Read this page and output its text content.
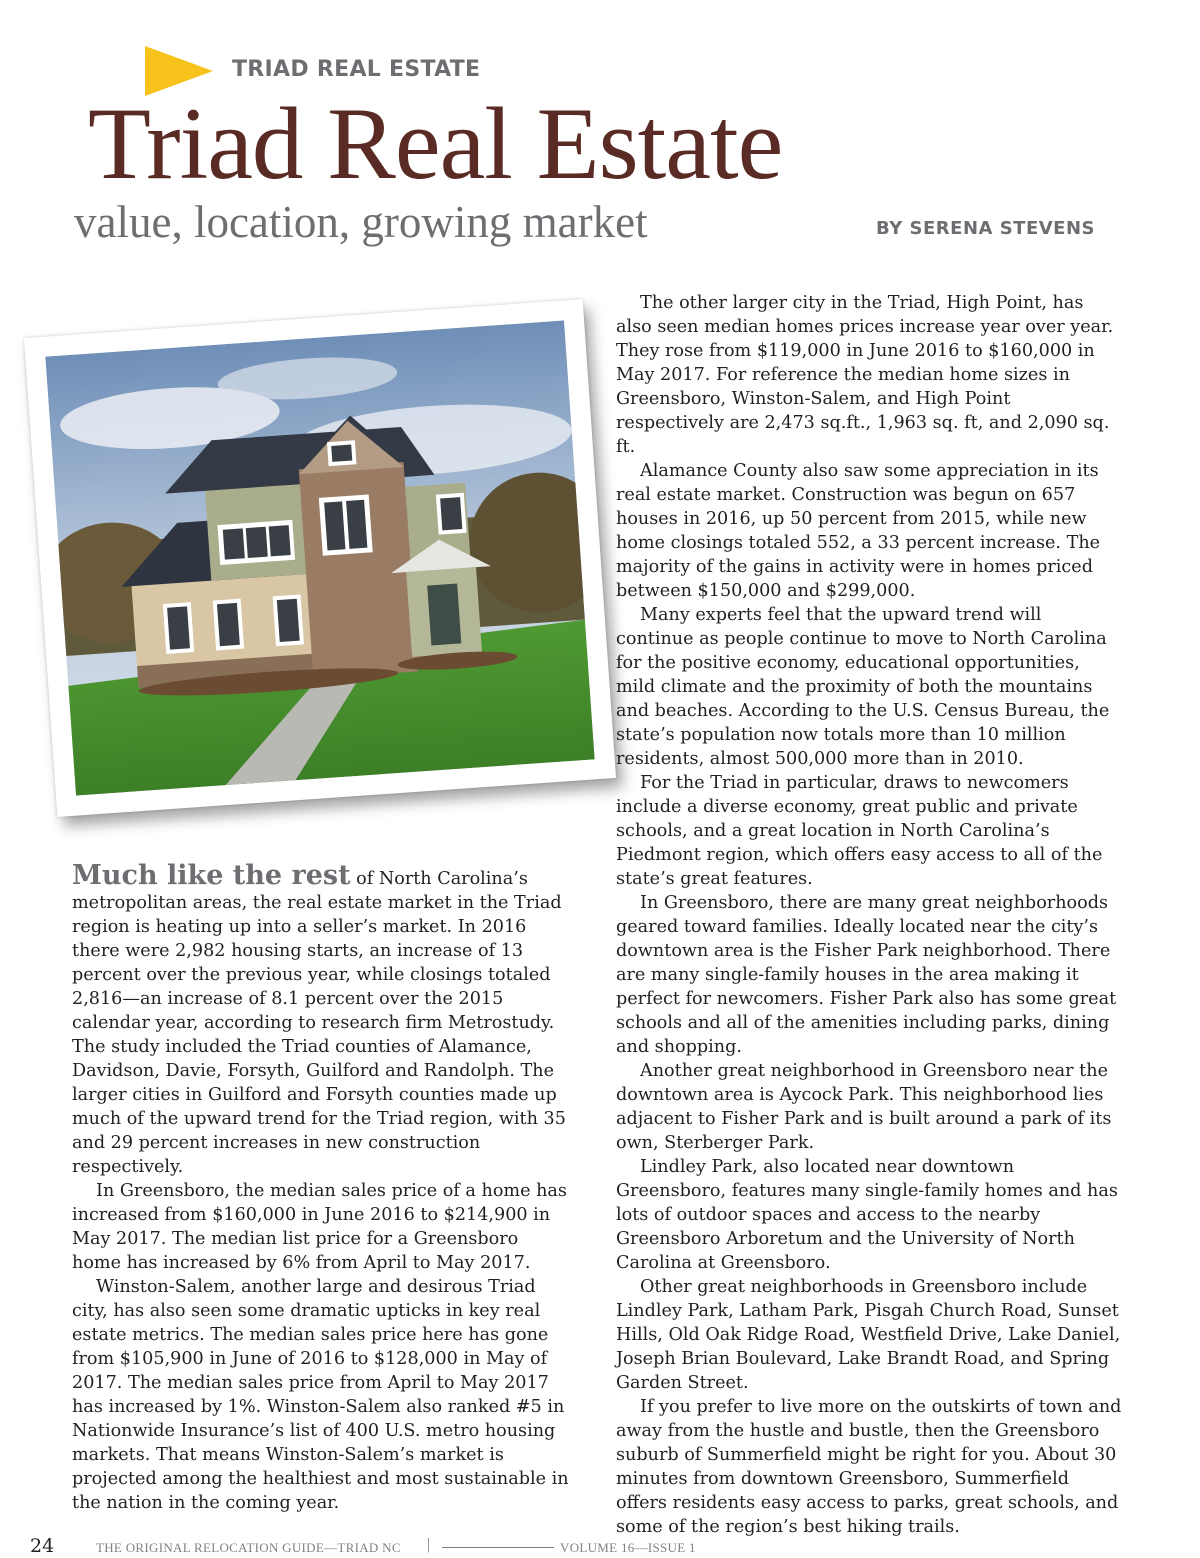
TRIAD REAL ESTATE
Triad Real Estate
value, location, growing market	BY SERENA STEVENS

Much like the rest of North Carolina’s metropolitan areas, the real estate market in the Triad region is heating up into a seller’s market. In 2016 there were 2,982 housing starts, an increase of 13 percent over the previous year, while closings totaled 2,816—an increase of 8.1 percent over the 2015 calendar year, according to research firm Metrostudy. The study included the Triad counties of Alamance, Davidson, Davie, Forsyth, Guilford and Randolph. The larger cities in Guilford and Forsyth counties made up much of the upward trend for the Triad region, with 35 and 29 percent increases in new construction respectively.

In Greensboro, the median sales price of a home has increased from $160,000 in June 2016 to $214,900 in May 2017. The median list price for a Greensboro home has increased by 6% from April to May 2017.

Winston-Salem, another large and desirous Triad city, has also seen some dramatic upticks in key real estate metrics. The median sales price here has gone from $105,900 in June of 2016 to $128,000 in May of 2017. The median sales price from April to May 2017 has increased by 1%. Winston-Salem also ranked #5 in Nationwide Insurance’s list of 400 U.S. metro housing markets. That means Winston-Salem’s market is projected among the healthiest and most sustainable in the nation in the coming year.

The other larger city in the Triad, High Point, has also seen median homes prices increase year over year. They rose from $119,000 in June 2016 to $160,000 in May 2017. For reference the median home sizes in Greensboro, Winston-Salem, and High Point respectively are 2,473 sq.ft., 1,963 sq. ft, and 2,090 sq. ft.

Alamance County also saw some appreciation in its real estate market. Construction was begun on 657 houses in 2016, up 50 percent from 2015, while new home closings totaled 552, a 33 percent increase. The majority of the gains in activity were in homes priced between $150,000 and $299,000.

Many experts feel that the upward trend will continue as people continue to move to North Carolina for the positive economy, educational opportunities, mild climate and the proximity of both the mountains and beaches. According to the U.S. Census Bureau, the state’s population now totals more than 10 million residents, almost 500,000 more than in 2010.

For the Triad in particular, draws to newcomers include a diverse economy, great public and private schools, and a great location in North Carolina’s Piedmont region, which offers easy access to all of the state’s great features.

In Greensboro, there are many great neighborhoods geared toward families. Ideally located near the city’s downtown area is the Fisher Park neighborhood. There are many single-family houses in the area making it perfect for newcomers. Fisher Park also has some great schools and all of the amenities including parks, dining and shopping.

Another great neighborhood in Greensboro near the downtown area is Aycock Park. This neighborhood lies adjacent to Fisher Park and is built around a park of its own, Sterberger Park.

Lindley Park, also located near downtown Greensboro, features many single-family homes and has lots of outdoor spaces and access to the nearby Greensboro Arboretum and the University of North Carolina at Greensboro.

Other great neighborhoods in Greensboro include Lindley Park, Latham Park, Pisgah Church Road, Sunset Hills, Old Oak Ridge Road, Westfield Drive, Lake Daniel, Joseph Brian Boulevard, Lake Brandt Road, and Spring Garden Street.

If you prefer to live more on the outskirts of town and away from the hustle and bustle, then the Greensboro suburb of Summerfield might be right for you. About 30 minutes from downtown Greensboro, Summerfield offers residents easy access to parks, great schools, and some of the region’s best hiking trails.

24	THE ORIGINAL RELOCATION GUIDE—TRIAD NC |	VOLUME 16—ISSUE 1
